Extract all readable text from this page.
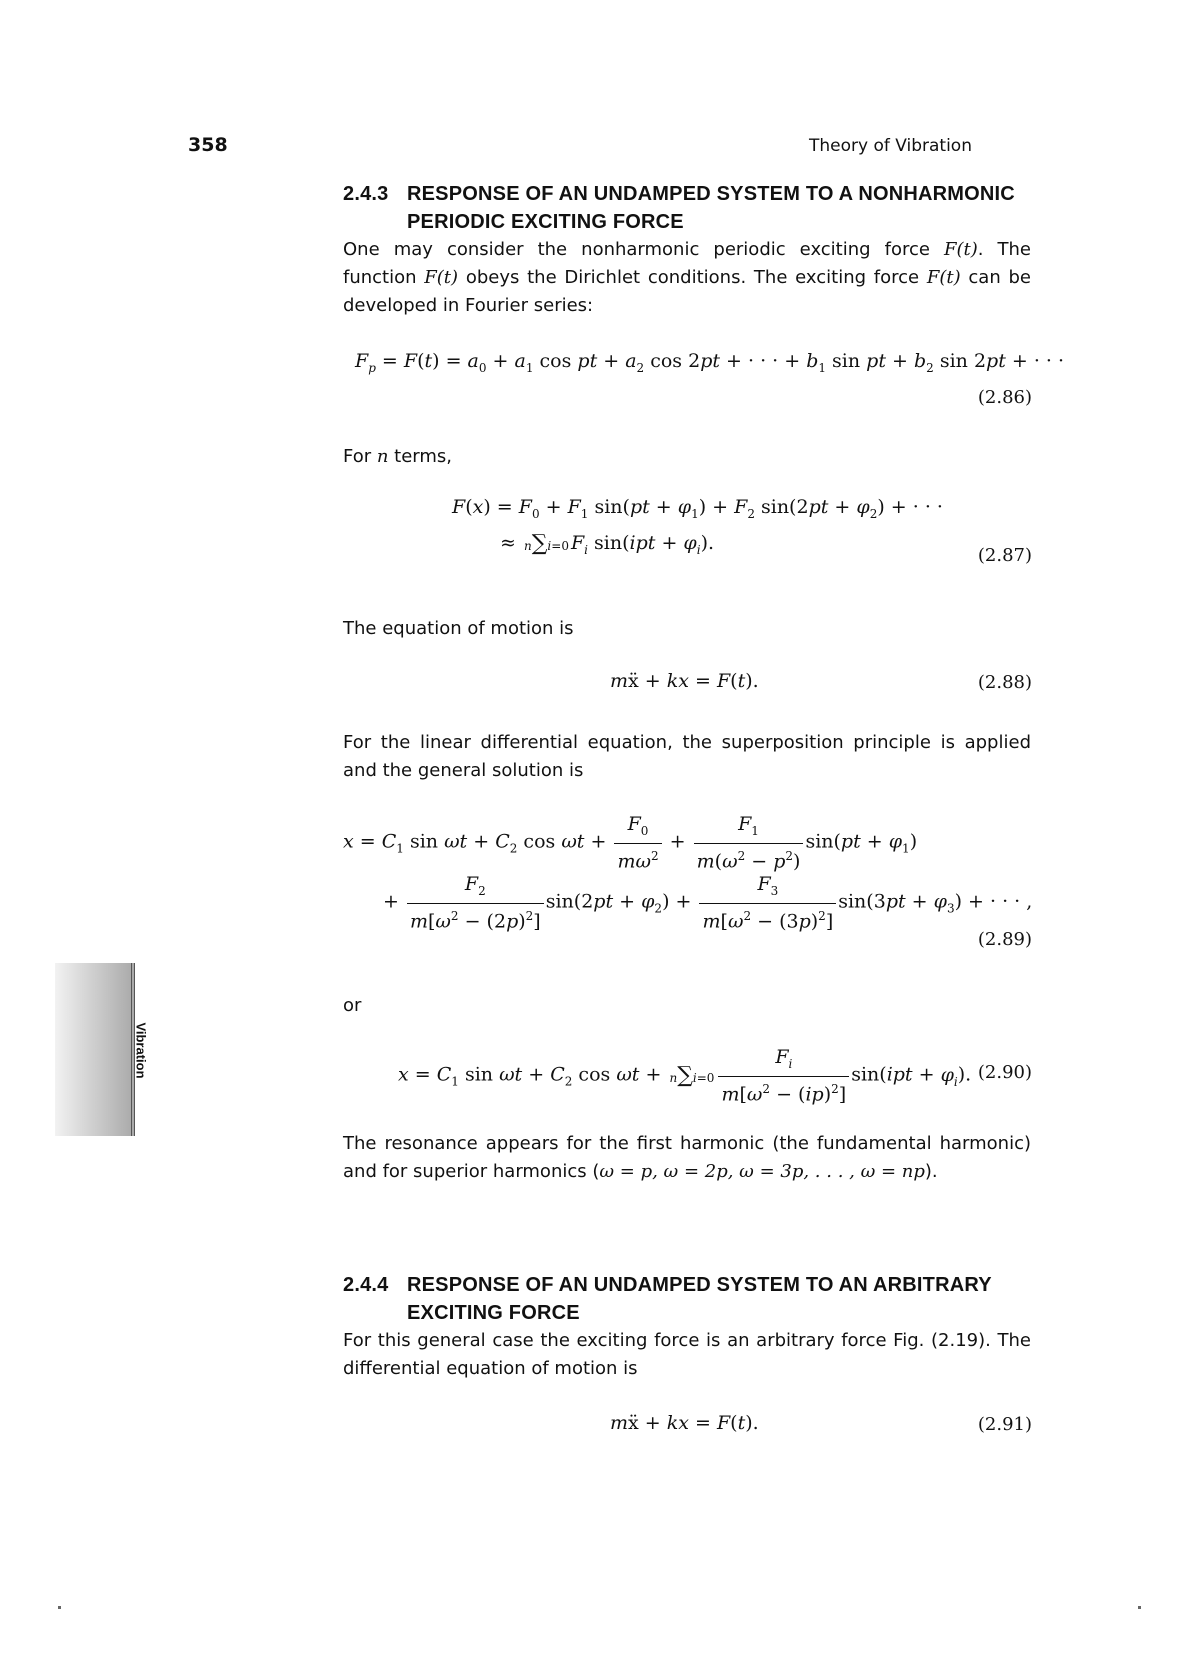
358	Theory of Vibration
2.4.3 RESPONSE OF AN UNDAMPED SYSTEM TO A NONHARMONIC
PERIODIC EXCITING FORCE
One may consider the nonharmonic periodic exciting force F(t). The function F(t) obeys the Dirichlet conditions. The exciting force F(t) can be developed in Fourier series:
$F_p = F(t) = a_0 + a_1$ cos pt + $a_2$ cos 2pt + · · · + $b_1$ sin pt + $b_2$ sin 2pt + · · ·
(2.86)
For n terms,
$F(x) = F_0 + F_1$ $\sin(pt + \varphi_1) + F_2$ $\sin(2pt + \varphi_2)$ + · · ·
≈ n∑i=0 $F_i$ $\sin(ipt + \varphi_i)$.
(2.87)
The equation of motion is
mẍ + kx = F(t).	(2.88)
For the linear differential equation, the superposition principle is applied and the general solution is
$x = C_1$ $\sin \omega t + C_2$ $\cos \omega t + \frac{F_0}{m\omega^2} + \frac{F_1}{m(\omega^2 - p^2)} \sin(pt + \varphi_1)$
+ $\frac{F_2}{m[\omega^2 - (2p)^2]} \sin(2pt + \varphi_2) + \frac{F_3}{m[\omega^2 - (3p)^2]} \sin(3pt + \varphi_3)$ + · · · ,
(2.89)
or
$x = C_1$ $\sin \omega t + C_2$ $\cos \omega t + n\sum i=0 \frac{F_i}{m[\omega^2 - (ip)^2]} \sin(ipt + \varphi_i)$. (2.90)
The resonance appears for the first harmonic (the fundamental harmonic) and for superior harmonics (ω = p, ω = 2p, ω = 3p, . . . , ω = np).
2.4.4 RESPONSE OF AN UNDAMPED SYSTEM TO AN ARBITRARY
EXCITING FORCE
For this general case the exciting force is an arbitrary force Fig. (2.19). The differential equation of motion is
mẍ + kx = F(t).	(2.91)
Vibration
